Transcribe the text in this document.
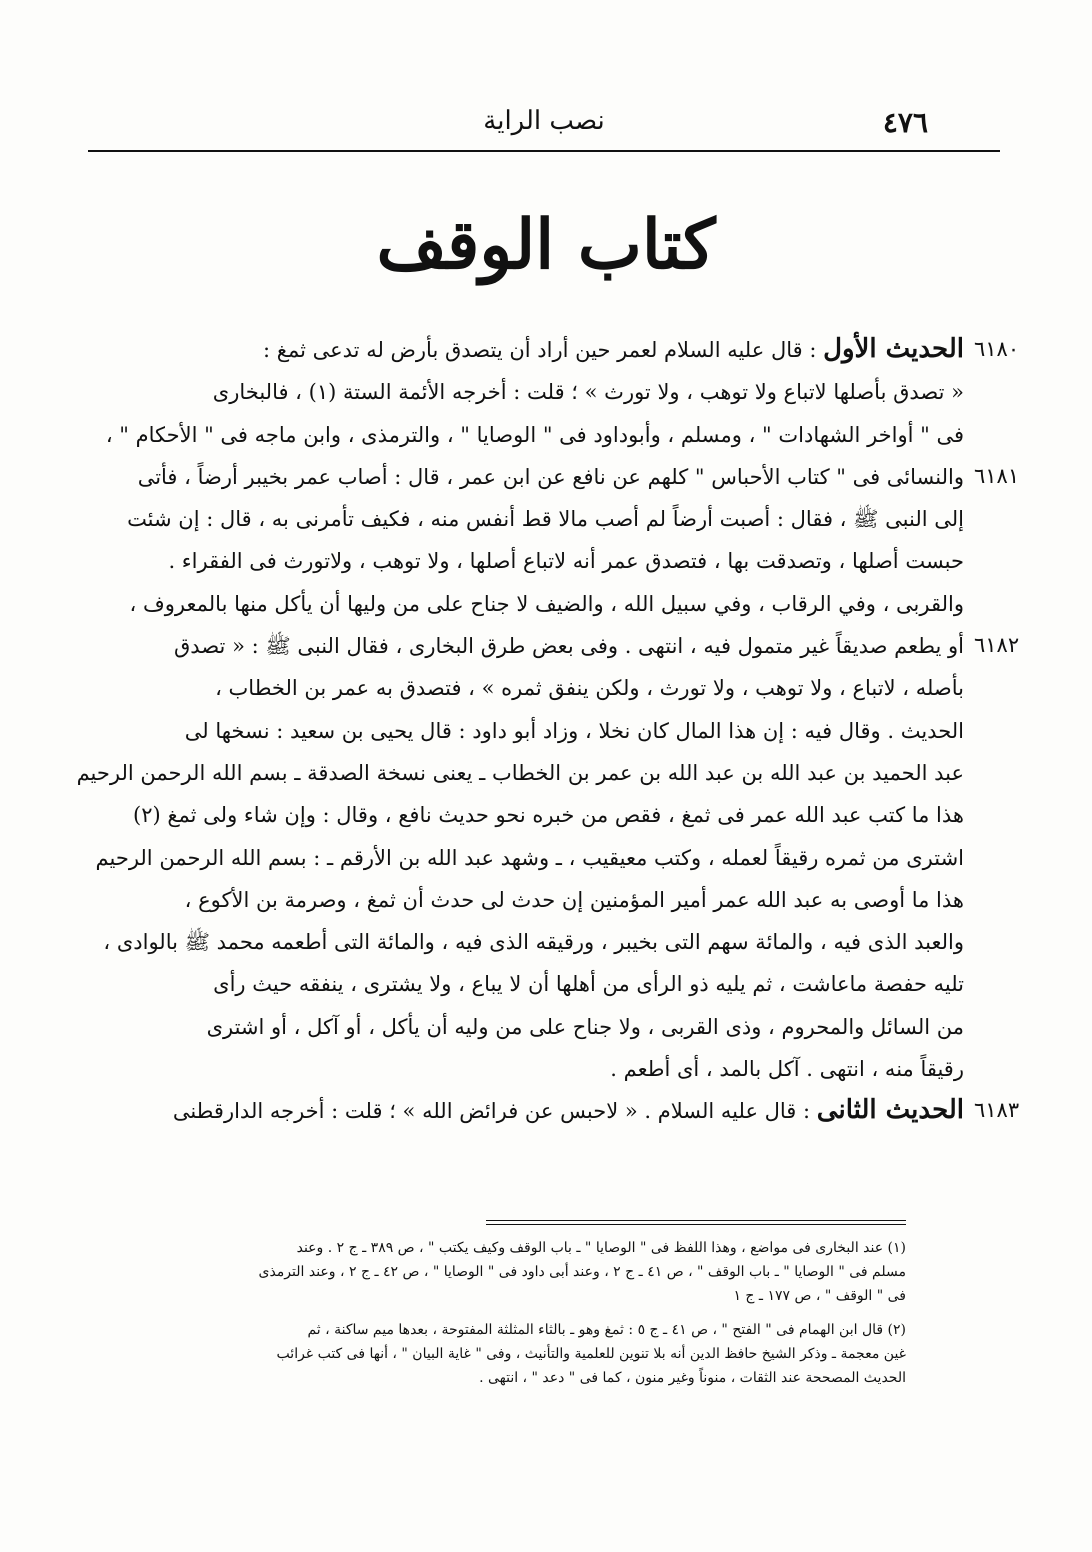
٤٧٦
نصب الراية
كتاب الوقف
٦١٨٠
الحديث الأول : قال عليه السلام لعمر حين أراد أن يتصدق بأرض له تدعى ثمغ :
« تصدق بأصلها لاتباع ولا توهب ، ولا تورث » ؛ قلت : أخرجه الأئمة الستة (١) ، فالبخارى
فى " أواخر الشهادات " ، ومسلم ، وأبوداود فى " الوصايا " ، والترمذى ، وابن ماجه فى " الأحكام " ،
٦١٨١
والنسائى فى " كتاب الأحباس " كلهم عن نافع عن ابن عمر ، قال : أصاب عمر بخيبر أرضاً ، فأتى
إلى النبى ﷺ ، فقال : أصبت أرضاً لم أصب مالا قط أنفس منه ، فكيف تأمرنى به ، قال : إن شئت
حبست أصلها ، وتصدقت بها ، فتصدق عمر أنه لاتباع أصلها ، ولا توهب ، ولاتورث فى الفقراء .
والقربى ، وفي الرقاب ، وفي سبيل الله ، والضيف لا جناح على من وليها أن يأكل منها بالمعروف ،
٦١٨٢
أو يطعم صديقاً غير متمول فيه ، انتهى . وفى بعض طرق البخارى ، فقال النبى ﷺ : « تصدق
بأصله ، لاتباع ، ولا توهب ، ولا تورث ، ولكن ينفق ثمره » ، فتصدق به عمر بن الخطاب ،
الحديث . وقال فيه : إن هذا المال كان نخلا ، وزاد أبو داود : قال يحيى بن سعيد : نسخها لى
عبد الحميد بن عبد الله بن عبد الله بن عمر بن الخطاب ـ يعنى نسخة الصدقة ـ بسم الله الرحمن الرحيم
هذا ما كتب عبد الله عمر فى ثمغ ، فقص من خبره نحو حديث نافع ، وقال : وإن شاء ولى ثمغ (٢)
اشترى من ثمره رقيقاً لعمله ، وكتب معيقيب ، ـ وشهد عبد الله بن الأرقم ـ : بسم الله الرحمن الرحيم
هذا ما أوصى به عبد الله عمر أمير المؤمنين إن حدث لى حدث أن ثمغ ، وصرمة بن الأكوع ،
والعبد الذى فيه ، والمائة سهم التى بخيبر ، ورقيقه الذى فيه ، والمائة التى أطعمه محمد ﷺ بالوادى ،
تليه حفصة ماعاشت ، ثم يليه ذو الرأى من أهلها أن لا يباع ، ولا يشترى ، ينفقه حيث رأى
من السائل والمحروم ، وذى القربى ، ولا جناح على من وليه أن يأكل ، أو آكل ، أو اشترى
رقيقاً منه ، انتهى . آكل بالمد ، أى أطعم .
٦١٨٣
الحديث الثانى : قال عليه السلام . « لاحبس عن فرائض الله » ؛ قلت : أخرجه الدارقطنى
(١) عند البخارى فى مواضع ، وهذا اللفظ فى " الوصايا " ـ باب الوقف وكيف يكتب " ، ص ٣٨٩ ـ ج ٢ . وعند
مسلم فى " الوصايا " ـ باب الوقف " ، ص ٤١ ـ ج ٢ ، وعند أبى داود فى " الوصايا " ، ص ٤٢ ـ ج ٢ ، وعند الترمذى
فى " الوقف " ، ص ١٧٧ ـ ج ١
(٢) قال ابن الهمام فى " الفتح " ، ص ٤١ ـ ج ٥ : ثمغ وهو ـ بالثاء المثلثة المفتوحة ، بعدها ميم ساكنة ، ثم
غين معجمة ـ وذكر الشيخ حافظ الدين أنه بلا تنوين للعلمية والتأنيث ، وفى " غاية البيان " ، أنها فى كتب غرائب
الحديث المصححة عند الثقات ، منوناً وغير منون ، كما فى " دعد " ، انتهى .
